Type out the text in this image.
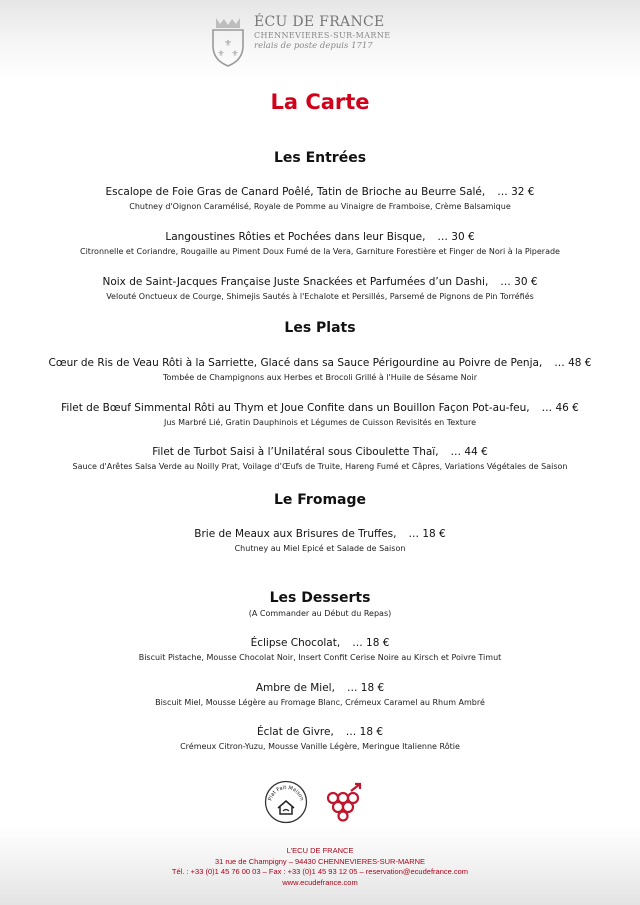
⚜
⚜ ⚜
ÉCU DE FRANCE
CHENNEVIERES-SUR-MARNE
relais de poste depuis 1717
La Carte
Les Entrées
Escalope de Foie Gras de Canard Poêlé, Tatin de Brioche au Beurre Salé, … 32 €
Chutney d'Oignon Caramélisé, Royale de Pomme au Vinaigre de Framboise, Crème Balsamique
Langoustines Rôties et Pochées dans leur Bisque, … 30 €
Citronnelle et Coriandre, Rougaille au Piment Doux Fumé de la Vera, Garniture Forestière et Finger de Nori à la Piperade
Noix de Saint-Jacques Française Juste Snackées et Parfumées d’un Dashi, … 30 €
Velouté Onctueux de Courge, Shimejis Sautés à l'Echalote et Persillés, Parsemé de Pignons de Pin Torréfiés
Les Plats
Cœur de Ris de Veau Rôti à la Sarriette, Glacé dans sa Sauce Périgourdine au Poivre de Penja, … 48 €
Tombée de Champignons aux Herbes et Brocoli Grillé à l'Huile de Sésame Noir
Filet de Bœuf Simmental Rôti au Thym et Joue Confite dans un Bouillon Façon Pot-au-feu, … 46 €
Jus Marbré Lié, Gratin Dauphinois et Légumes de Cuisson Revisités en Texture
Filet de Turbot Saisi à l’Unilatéral sous Ciboulette Thaï, … 44 €
Sauce d'Arêtes Salsa Verde au Noilly Prat, Voilage d’Œufs de Truite, Hareng Fumé et Câpres, Variations Végétales de Saison
Le Fromage
Brie de Meaux aux Brisures de Truffes, … 18 €
Chutney au Miel Epicé et Salade de Saison
Les Desserts
(A Commander au Début du Repas)
Éclipse Chocolat, … 18 €
Biscuit Pistache, Mousse Chocolat Noir, Insert Confit Cerise Noire au Kirsch et Poivre Timut
Ambre de Miel, … 18 €
Biscuit Miel, Mousse Légère au Fromage Blanc, Crémeux Caramel au Rhum Ambré
Éclat de Givre, … 18 €
Crémeux Citron-Yuzu, Mousse Vanille Légère, Meringue Italienne Rôtie
Plat Fait Maison
L'ECU DE FRANCE
31 rue de Champigny – 94430 CHENNEVIERES-SUR-MARNE
Tél. : +33 (0)1 45 76 00 03 – Fax : +33 (0)1 45 93 12 05 – reservation@ecudefrance.com
www.ecudefrance.com
